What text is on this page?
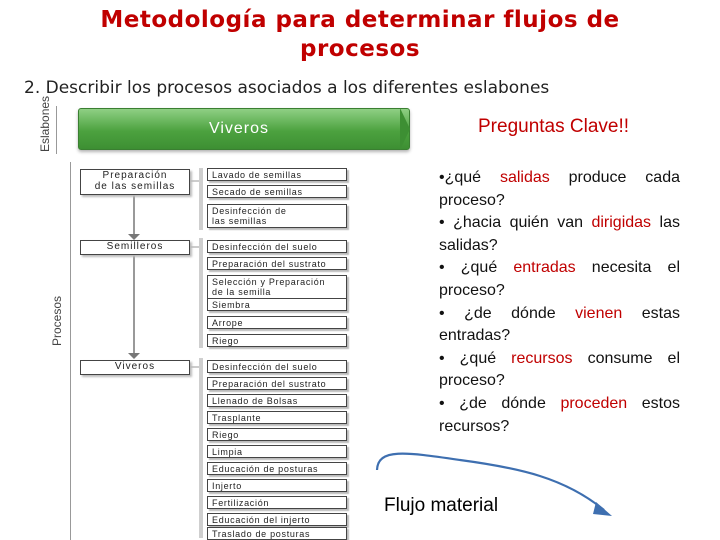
Metodología para determinar flujos de
procesos
2. Describir los procesos asociados a los diferentes eslabones
Eslabones
Procesos
Viveros
Preparación
de las semillas
Semilleros
Viveros
Lavado de semillas
Secado de semillas
Desinfección de
las semillas
Desinfección del suelo
Preparación del sustrato
Selección y Preparación
de la semilla
Siembra
Arrope
Riego
Desinfección del suelo
Preparación del sustrato
Llenado de Bolsas
Trasplante
Riego
Limpia
Educación de posturas
Injerto
Fertilización
Educación del injerto
Traslado de posturas
Preguntas Clave!!

•¿qué salidas produce cada proceso?

• ¿hacia quién van dirigidas las salidas?

• ¿qué entradas necesita el proceso?

• ¿de dónde vienen estas entradas?

• ¿qué recursos consume el proceso?

• ¿de dónde proceden estos recursos?

Flujo material
